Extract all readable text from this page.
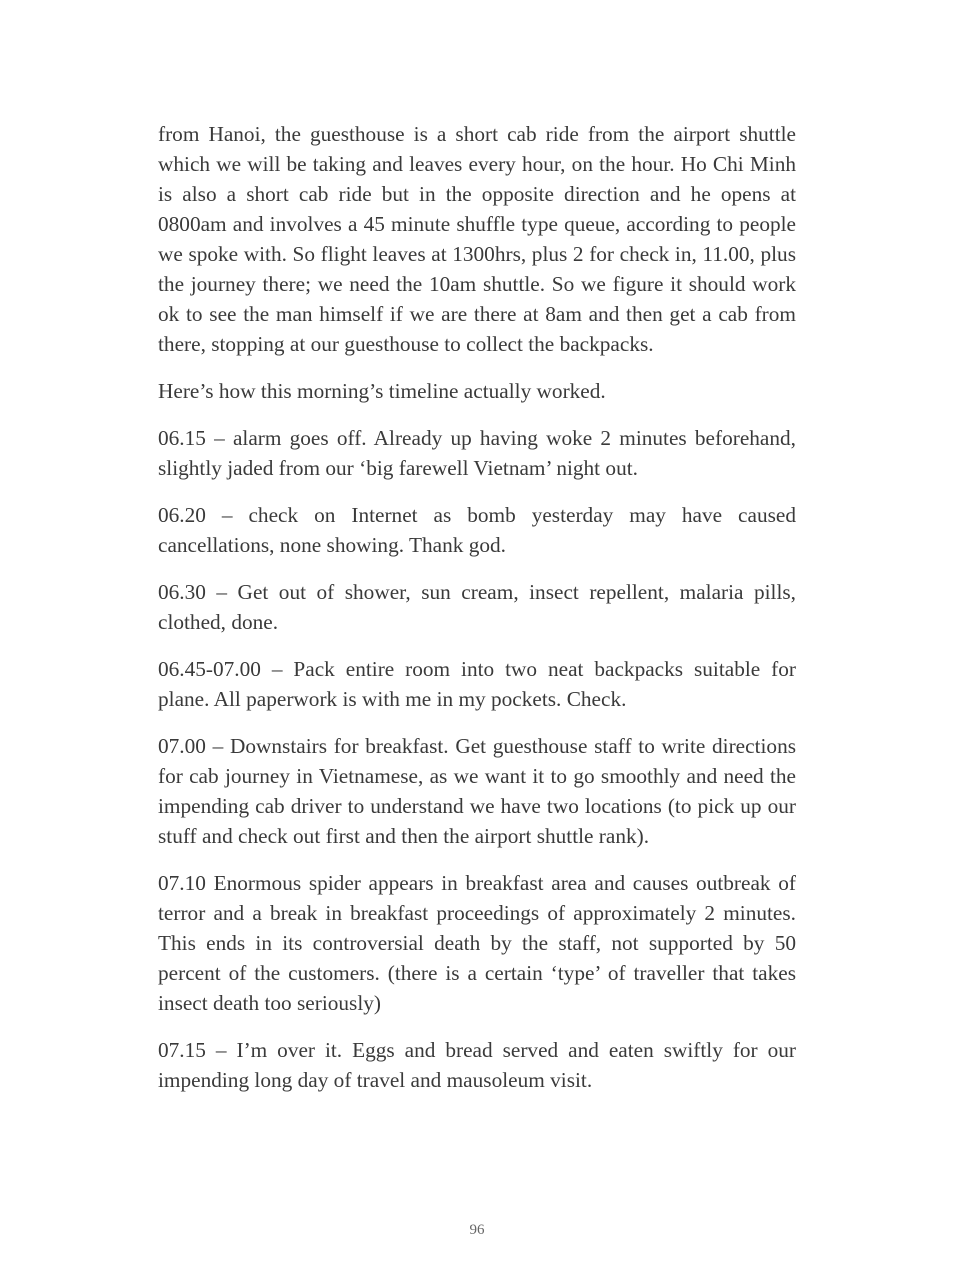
from Hanoi, the guesthouse is a short cab ride from the airport shuttle which we will be taking and leaves every hour, on the hour. Ho Chi Minh is also a short cab ride but in the opposite direction and he opens at 0800am and involves a 45 minute shuffle type queue, according to people we spoke with. So flight leaves at 1300hrs, plus 2 for check in, 11.00, plus the journey there; we need the 10am shuttle. So we figure it should work ok to see the man himself if we are there at 8am and then get a cab from there, stopping at our guesthouse to collect the backpacks.

Here’s how this morning’s timeline actually worked.

06.15 – alarm goes off. Already up having woke 2 minutes beforehand, slightly jaded from our ‘big farewell Vietnam’ night out.

06.20 – check on Internet as bomb yesterday may have caused cancellations, none showing. Thank god.

06.30 – Get out of shower, sun cream, insect repellent, malaria pills, clothed, done.

06.45-07.00 – Pack entire room into two neat backpacks suitable for plane. All paperwork is with me in my pockets. Check.

07.00 – Downstairs for breakfast. Get guesthouse staff to write directions for cab journey in Vietnamese, as we want it to go smoothly and need the impending cab driver to understand we have two locations (to pick up our stuff and check out first and then the airport shuttle rank).

07.10 Enormous spider appears in breakfast area and causes outbreak of terror and a break in breakfast proceedings of approximately 2 minutes. This ends in its controversial death by the staff, not supported by 50 percent of the customers. (there is a certain ‘type’ of traveller that takes insect death too seriously)

07.15 – I’m over it. Eggs and bread served and eaten swiftly for our impending long day of travel and mausoleum visit.

96
